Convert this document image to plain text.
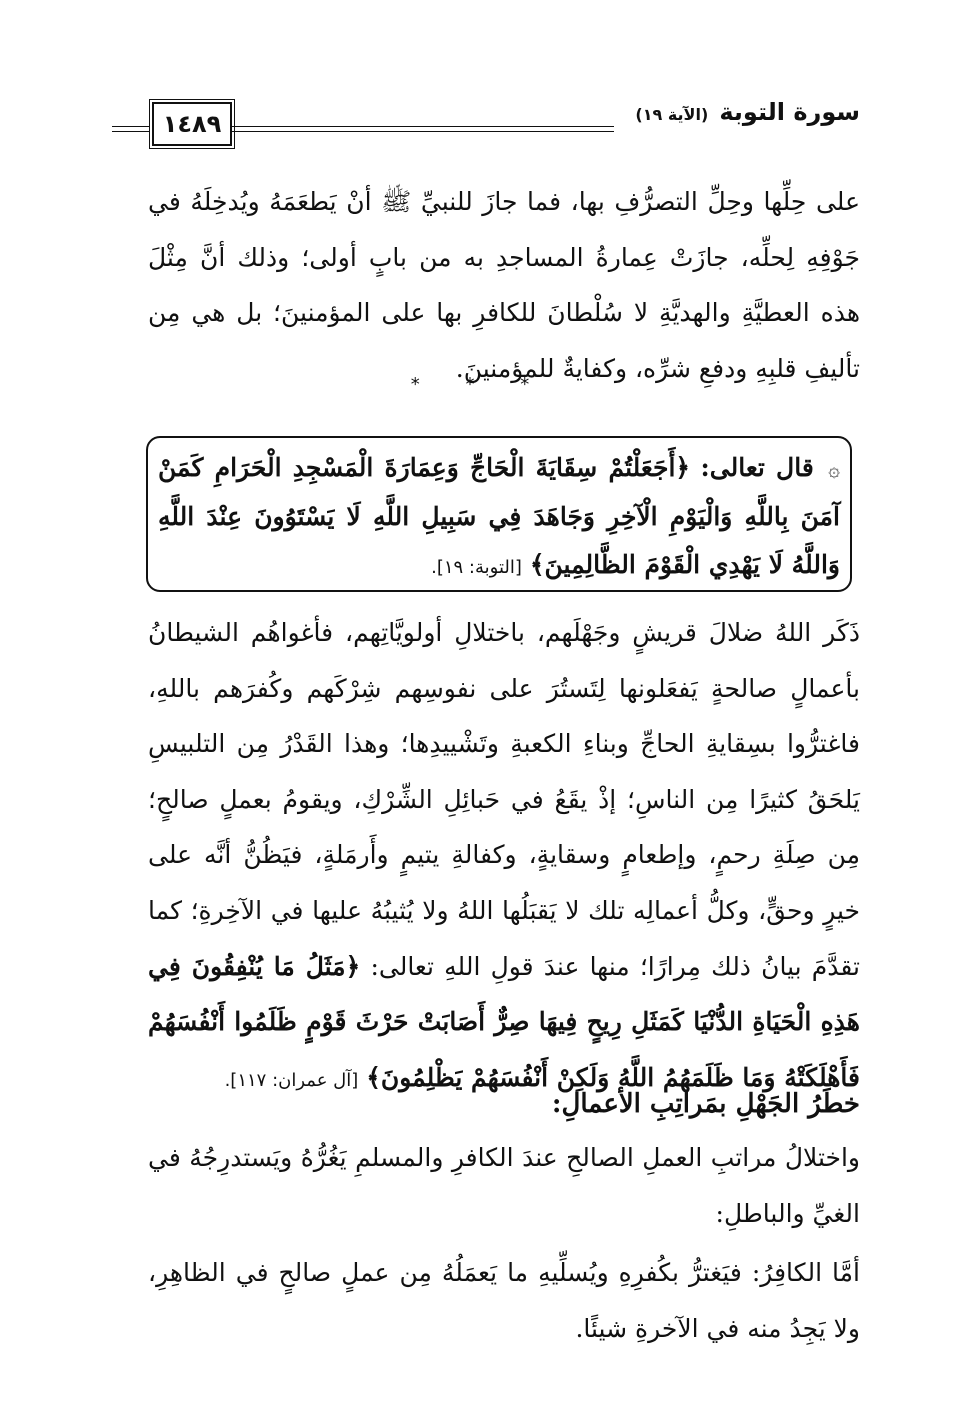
١٤٨٩	سورة التوبة (الآية ١٩)
على حِلِّها وحِلِّ التصرُّفِ بها، فما جازَ للنبيِّ ﷺ أنْ يَطعَمَهُ ويُدخِلَهُ في جَوْفِهِ لِحلِّه، جازَتْ عِمارةُ المساجدِ به من بابٍ أولى؛ وذلك أنَّ مِثْلَ هذه العطيَّةِ والهديَّةِ لا سُلْطانَ للكافرِ بها على المؤمنينَ؛ بل هي مِن تأليفِ قلبِهِ ودفعِ شرِّه، وكفايةٌ للمؤمنينَ.
* * *
۞ قال تعالى: ﴿أَجَعَلْتُمْ سِقَايَةَ الْحَاجِّ وَعِمَارَةَ الْمَسْجِدِ الْحَرَامِ كَمَنْ آمَنَ بِاللَّهِ وَالْيَوْمِ الْآخِرِ وَجَاهَدَ فِي سَبِيلِ اللَّهِ لَا يَسْتَوُونَ عِنْدَ اللَّهِ وَاللَّهُ لَا يَهْدِي الْقَوْمَ الظَّالِمِينَ﴾ [التوبة: ١٩].
ذَكَر اللهُ ضلالَ قريشٍ وجَهْلَهم، باختلالِ أولويَّاتِهم، فأغواهُم الشيطانُ بأعمالٍ صالحةٍ يَفعَلونها لِتَستُرَ على نفوسِهم شِرْكَهم وكُفرَهم باللهِ، فاغترُّوا بسِقايةِ الحاجِّ وبناءِ الكعبةِ وتَشْييدِها؛ وهذا القَدْرُ مِن التلبيسِ يَلحَقُ كثيرًا مِن الناسِ؛ إذْ يقَعُ في حَبائِلِ الشِّرْكِ، ويقومُ بعملٍ صالحٍ؛ مِن صِلَةِ رحمٍ، وإطعامٍ وسقايةٍ، وكفالةِ يتيمٍ وأَرمَلةٍ، فيَظُنُّ أنَّه على خيرٍ وحقٍّ، وكلُّ أعمالِه تلك لا يَقبَلُها اللهُ ولا يُثيبُهُ عليها في الآخِرةِ؛ كما تقدَّمَ بيانُ ذلك مِرارًا؛ منها عندَ قولِ اللهِ تعالى: ﴿مَثَلُ مَا يُنْفِقُونَ فِي هَذِهِ الْحَيَاةِ الدُّنْيَا كَمَثَلِ رِيحٍ فِيهَا صِرٌّ أَصَابَتْ حَرْثَ قَوْمٍ ظَلَمُوا أَنْفُسَهُمْ فَأَهْلَكَتْهُ وَمَا ظَلَمَهُمُ اللَّهُ وَلَكِنْ أَنْفُسَهُمْ يَظْلِمُونَ﴾ [آل عمران: ١١٧].
خطَرُ الجَهْلِ بمَراتِبِ الأعمالِ:
واختلالُ مراتبِ العملِ الصالحِ عندَ الكافرِ والمسلمِ يَغُرُّهُ ويَستدرِجُهُ في الغيِّ والباطلِ:
أمَّا الكافِرُ: فيَغترُّ بكُفرِهِ ويُسلِّيهِ ما يَعمَلُهُ مِن عملٍ صالحٍ في الظاهِرِ، ولا يَجِدُ منه في الآخرةِ شيئًا.
